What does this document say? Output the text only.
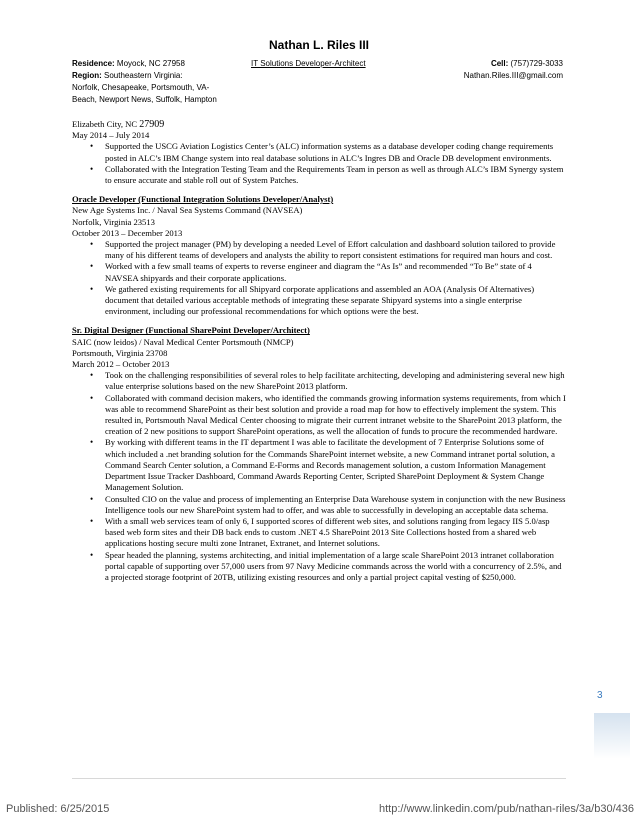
Nathan L. Riles III
Residence: Moyock, NC 27958
Region: Southeastern Virginia:
Norfolk, Chesapeake, Portsmouth, VA-
Beach, Newport News, Suffolk, Hampton
IT Solutions Developer-Architect	Cell: (757)729-3033
Nathan.Riles.III@gmail.com

Elizabeth City, NC 27909

May 2014 – July 2014

• Supported the USCG Aviation Logistics Center’s (ALC) information systems as a database developer coding change requirements posted in ALC’s IBM Change system into real database solutions in ALC’s Ingres DB and Oracle DB development environments.
• Collaborated with the Integration Testing Team and the Requirements Team in person as well as through ALC’s IBM Synergy system to ensure accurate and stable roll out of System Patches.

Oracle Developer (Functional Integration Solutions Developer/Analyst)

New Age Systems Inc. / Naval Sea Systems Command (NAVSEA)

Norfolk, Virginia 23513

October 2013 – December 2013

• Supported the project manager (PM) by developing a needed Level of Effort calculation and dashboard solution tailored to provide many of his different teams of developers and analysts the ability to report consistent estimations for required man hours and cost.
• Worked with a few small teams of experts to reverse engineer and diagram the “As Is” and recommended “To Be” state of 4 NAVSEA shipyards and their corporate applications.
• We gathered existing requirements for all Shipyard corporate applications and assembled an AOA (Analysis Of Alternatives) document that detailed various acceptable methods of integrating these separate Shipyard systems into a single enterprise environment, including our professional recommendations for which options were the best.

Sr. Digital Designer (Functional SharePoint Developer/Architect)

SAIC (now leidos) / Naval Medical Center Portsmouth (NMCP)

Portsmouth, Virginia 23708

March 2012 – October 2013

• Took on the challenging responsibilities of several roles to help facilitate architecting, developing and administering several new high value enterprise solutions based on the new SharePoint 2013 platform.
• Collaborated with command decision makers, who identified the commands growing information systems requirements, from which I was able to recommend SharePoint as their best solution and provide a road map for how to effectively implement the system. This resulted in, Portsmouth Naval Medical Center choosing to migrate their current intranet website to the SharePoint 2013 platform, the creation of 2 new positions to support SharePoint operations, as well the allocation of funds to procure the recommended hardware.
• By working with different teams in the IT department I was able to facilitate the development of 7 Enterprise Solutions some of which included a .net branding solution for the Commands SharePoint internet website, a new Command intranet portal solution, a Command Search Center solution, a Command E-Forms and Records management solution, a custom Information Management Department Issue Tracker Dashboard, Command Awards Reporting Center, Scripted SharePoint Deployment & System Change Management Solution.
• Consulted CIO on the value and process of implementing an Enterprise Data Warehouse system in conjunction with the new Business Intelligence tools our new SharePoint system had to offer, and was able to successfully in developing an acceptable data schema.
• With a small web services team of only 6, I supported scores of different web sites, and solutions ranging from legacy IIS 5.0/asp based web form sites and their DB back ends to custom .NET 4.5 SharePoint 2013 Site Collections hosted from a shared web applications hosting secure multi zone Intranet, Extranet, and Internet solutions.
• Spear headed the planning, systems architecting, and initial implementation of a large scale SharePoint 2013 intranet collaboration portal capable of supporting over 57,000 users from 97 Navy Medicine commands across the world with a concurrency of 2.5%, and a projected storage footprint of 20TB, utilizing existing resources and only a partial project capital vesting of $250,000.
3
Published: 6/25/2015	http://www.linkedin.com/pub/nathan-riles/3a/b30/436
